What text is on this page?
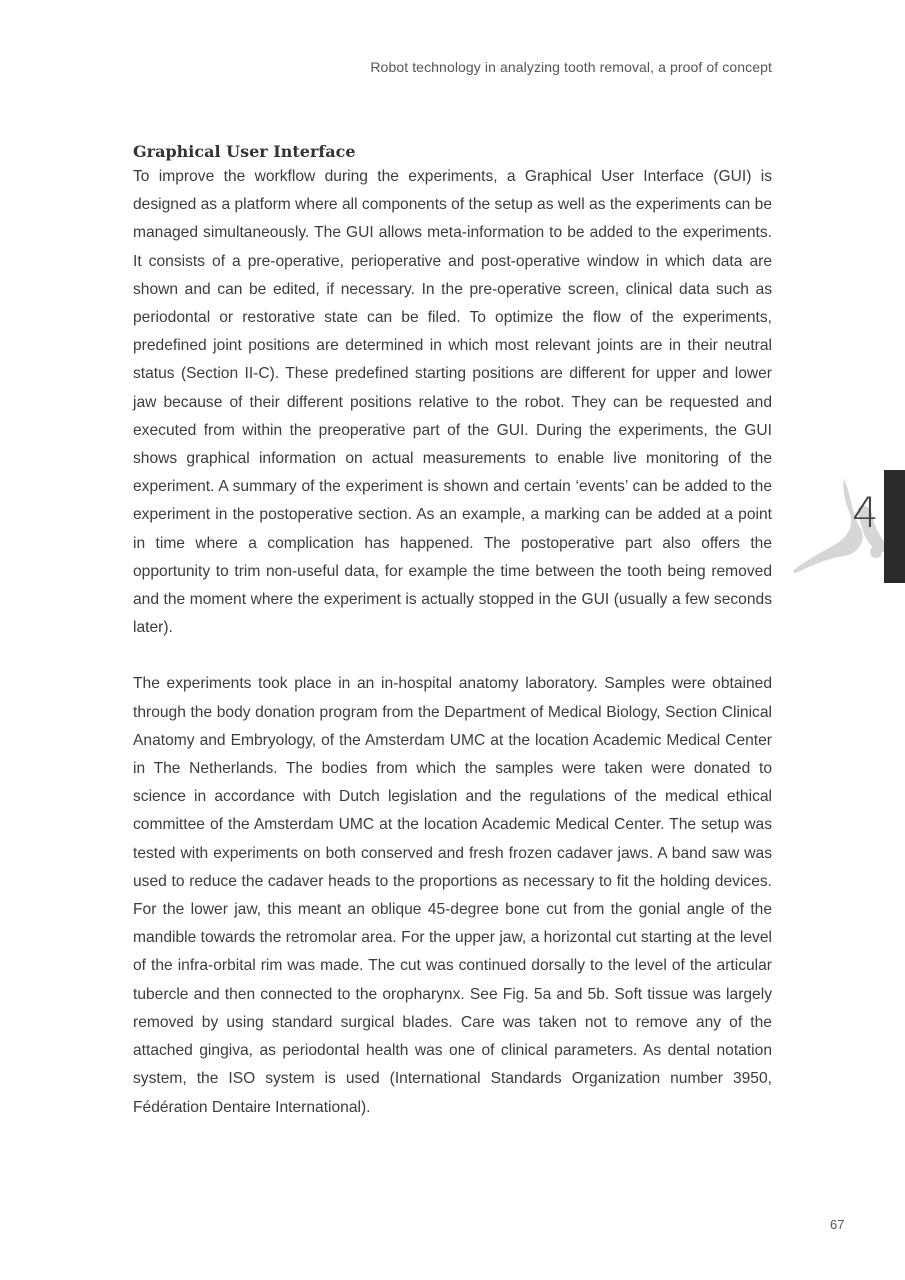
Robot technology in analyzing tooth removal, a proof of concept
Graphical User Interface

To improve the workflow during the experiments, a Graphical User Interface (GUI) is designed as a platform where all components of the setup as well as the experiments can be managed simultaneously. The GUI allows meta-information to be added to the experiments. It consists of a pre-operative, perioperative and post-operative window in which data are shown and can be edited, if necessary. In the pre-operative screen, clinical data such as periodontal or restorative state can be filed. To optimize the flow of the experiments, predefined joint positions are determined in which most relevant joints are in their neutral status (Section II-C). These predefined starting positions are different for upper and lower jaw because of their different positions relative to the robot. They can be requested and executed from within the preoperative part of the GUI. During the experiments, the GUI shows graphical information on actual measurements to enable live monitoring of the experiment. A summary of the experiment is shown and certain ‘events’ can be added to the experiment in the postoperative section. As an example, a marking can be added at a point in time where a complication has happened. The postoperative part also offers the opportunity to trim non-useful data, for example the time between the tooth being removed and the moment where the experiment is actually stopped in the GUI (usually a few seconds later).

The experiments took place in an in-hospital anatomy laboratory. Samples were obtained through the body donation program from the Department of Medical Biology, Section Clinical Anatomy and Embryology, of the Amsterdam UMC at the location Academic Medical Center in The Netherlands. The bodies from which the samples were taken were donated to science in accordance with Dutch legislation and the regulations of the medical ethical committee of the Amsterdam UMC at the location Academic Medical Center. The setup was tested with experiments on both conserved and fresh frozen cadaver jaws. A band saw was used to reduce the cadaver heads to the proportions as necessary to fit the holding devices. For the lower jaw, this meant an oblique 45-degree bone cut from the gonial angle of the mandible towards the retromolar area. For the upper jaw, a horizontal cut starting at the level of the infra-orbital rim was made. The cut was continued dorsally to the level of the articular tubercle and then connected to the oropharynx. See Fig. 5a and 5b. Soft tissue was largely removed by using standard surgical blades. Care was taken not to remove any of the attached gingiva, as periodontal health was one of clinical parameters. As dental notation system, the ISO system is used (International Standards Organization number 3950, Fédération Dentaire International).

4
67
